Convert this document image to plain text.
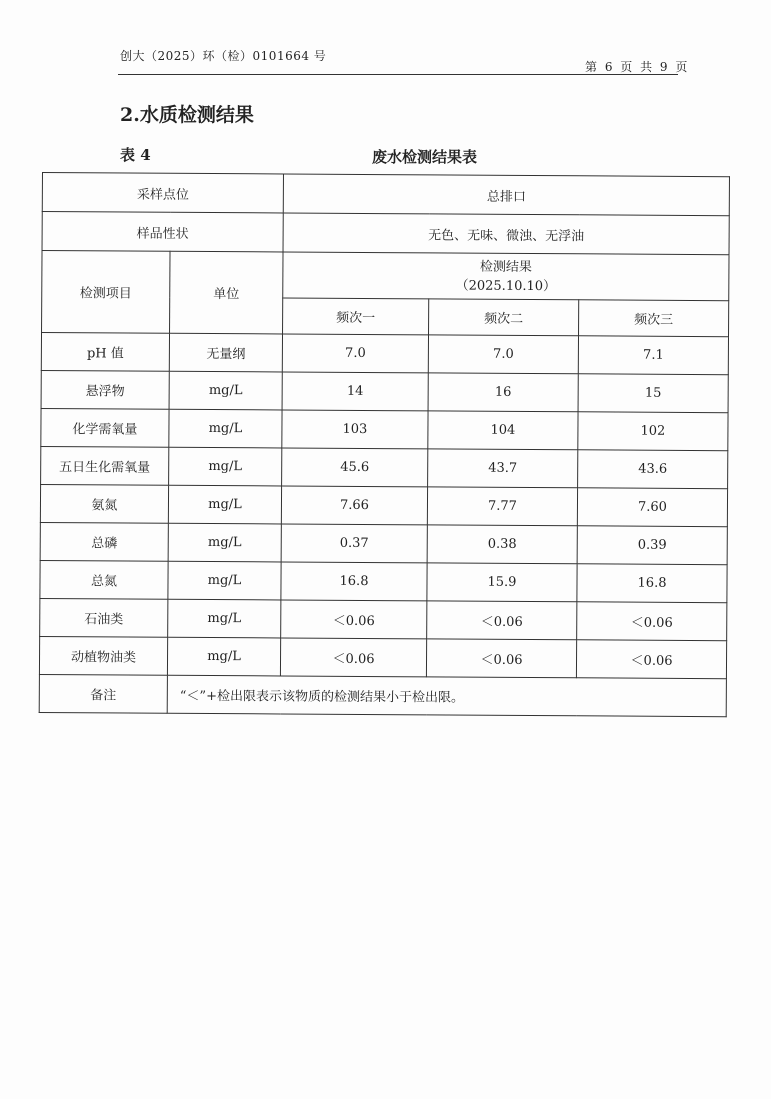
创大（2025）环（检）0101664 号
第 6 页 共 9 页
2.水质检测结果
表 4	废水检测结果表
采样点位		总排口		
样品性状		无色、无味、微浊、无浮油		
检测项目	单位	检测结果
（2025.10.10）		

		频次一	频次二	频次三
pH 值	无量纲	7.0	7.0	7.1
悬浮物	mg/L	14	16	15
化学需氧量	mg/L	103	104	102
五日生化需氧量	mg/L	45.6	43.7	43.6
氨氮	mg/L	7.66	7.77	7.60
总磷	mg/L	0.37	0.38	0.39
总氮	mg/L	16.8	15.9	16.8
石油类	mg/L	＜0.06	＜0.06	＜0.06
动植物油类	mg/L	＜0.06	＜0.06	＜0.06
备注	“＜”+检出限表示该物质的检测结果小于检出限。			
